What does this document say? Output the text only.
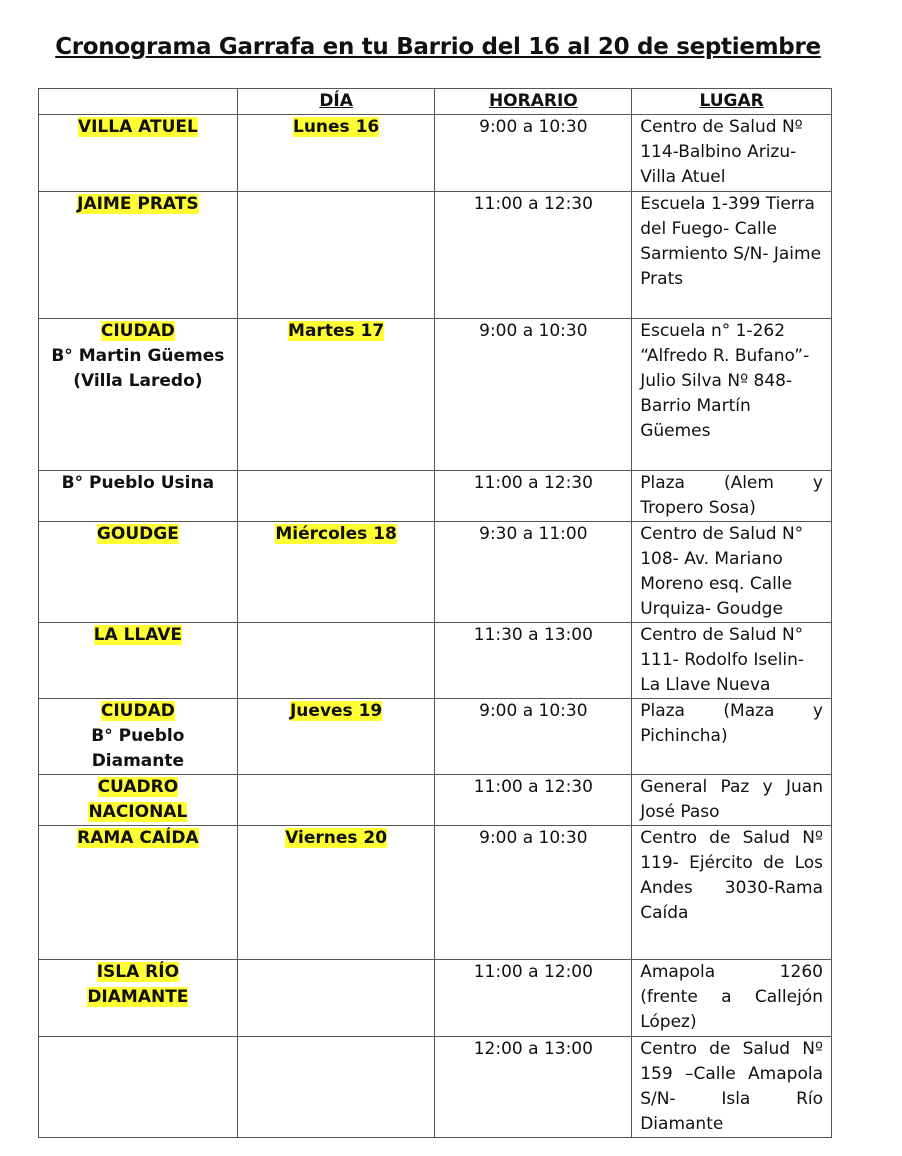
Cronograma Garrafa en tu Barrio del 16 al 20 de septiembre
	DÍA	HORARIO	LUGAR

VILLA ATUEL	Lunes 16	9:00 a 10:30	Centro de Salud Nº 114-Balbino Arizu- Villa Atuel

JAIME PRATS		11:00 a 12:30	Escuela 1-399 Tierra del Fuego- Calle Sarmiento S/N- Jaime Prats

CIUDAD
B° Martin Güemes
(Villa Laredo)	Martes 17	9:00 a 10:30	Escuela n° 1-262 “Alfredo R. Bufano”-Julio Silva Nº 848-Barrio Martín Güemes

B° Pueblo Usina		11:00 a 12:30	Plaza (Alem y Tropero Sosa)

GOUDGE	Miércoles 18	9:30 a 11:00	Centro de Salud N° 108- Av. Mariano Moreno esq. Calle Urquiza- Goudge

LA LLAVE		11:30 a 13:00	Centro de Salud N° 111- Rodolfo Iselin- La Llave Nueva

CIUDAD
B° Pueblo Diamante	Jueves 19	9:00 a 10:30	Plaza (Maza y Pichincha)

CUADRO NACIONAL		11:00 a 12:30	General Paz y Juan José Paso

RAMA CAÍDA	Viernes 20	9:00 a 10:30	Centro de Salud Nº 119- Ejército de Los Andes 3030-Rama Caída

ISLA RÍO DIAMANTE		11:00 a 12:00	Amapola 1260 (frente a Callejón López)
		12:00 a 13:00	Centro de Salud Nº 159 –Calle Amapola S/N- Isla Río Diamante
